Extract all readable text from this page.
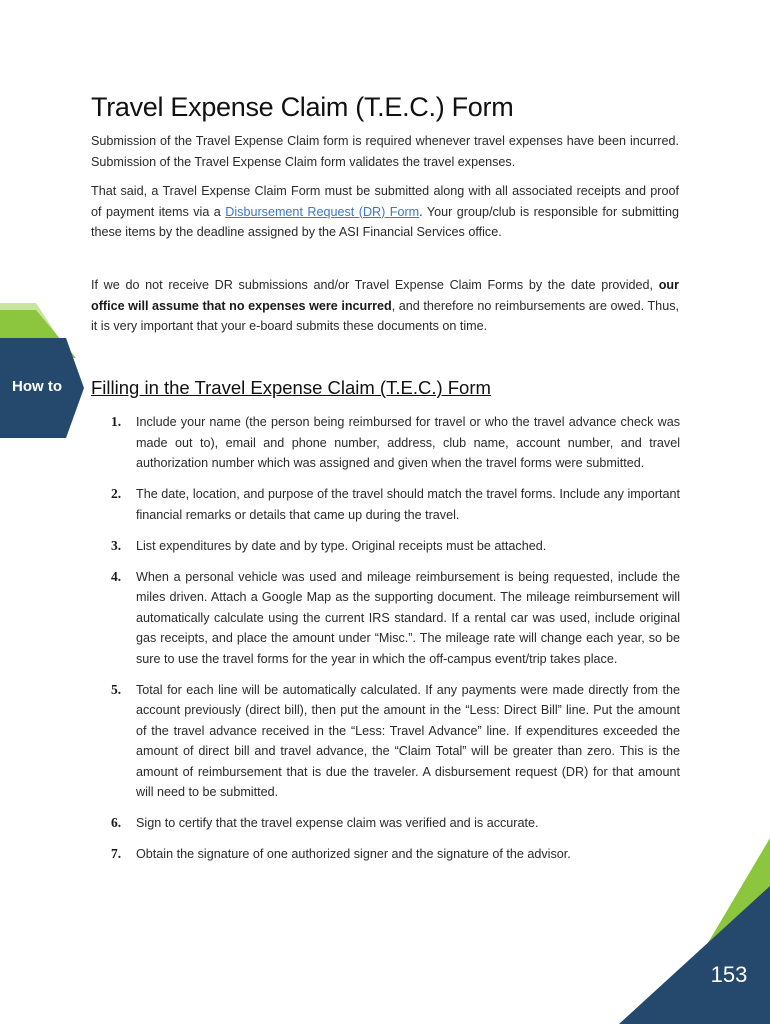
Travel Expense Claim (T.E.C.) Form

Submission of the Travel Expense Claim form is required whenever travel expenses have been incurred. Submission of the Travel Expense Claim form validates the travel expenses.

That said, a Travel Expense Claim Form must be submitted along with all associated receipts and proof of payment items via a Disbursement Request (DR) Form. Your group/club is responsible for submitting these items by the deadline assigned by the ASI Financial Services office.

If we do not receive DR submissions and/or Travel Expense Claim Forms by the date provided, our office will assume that no expenses were incurred, and therefore no reimbursements are owed. Thus, it is very important that your e-board submits these documents on time.

How to Filling in the Travel Expense Claim (T.E.C.) Form
1. Include your name (the person being reimbursed for travel or who the travel advance check was made out to), email and phone number, address, club name, account number, and travel authorization number which was assigned and given when the travel forms were submitted.
2. The date, location, and purpose of the travel should match the travel forms. Include any important financial remarks or details that came up during the travel.
3. List expenditures by date and by type. Original receipts must be attached.
4. When a personal vehicle was used and mileage reimbursement is being requested, include the miles driven. Attach a Google Map as the supporting document. The mileage reimbursement will automatically calculate using the current IRS standard. If a rental car was used, include original gas receipts, and place the amount under “Misc.”. The mileage rate will change each year, so be sure to use the travel forms for the year in which the off-campus event/trip takes place.
5. Total for each line will be automatically calculated. If any payments were made directly from the account previously (direct bill), then put the amount in the “Less: Direct Bill” line. Put the amount of the travel advance received in the “Less: Travel Advance” line. If expenditures exceeded the amount of direct bill and travel advance, the “Claim Total” will be greater than zero. This is the amount of reimbursement that is due the traveler. A disbursement request (DR) for that amount will need to be submitted.
6. Sign to certify that the travel expense claim was verified and is accurate.
7. Obtain the signature of one authorized signer and the signature of the advisor.
153
